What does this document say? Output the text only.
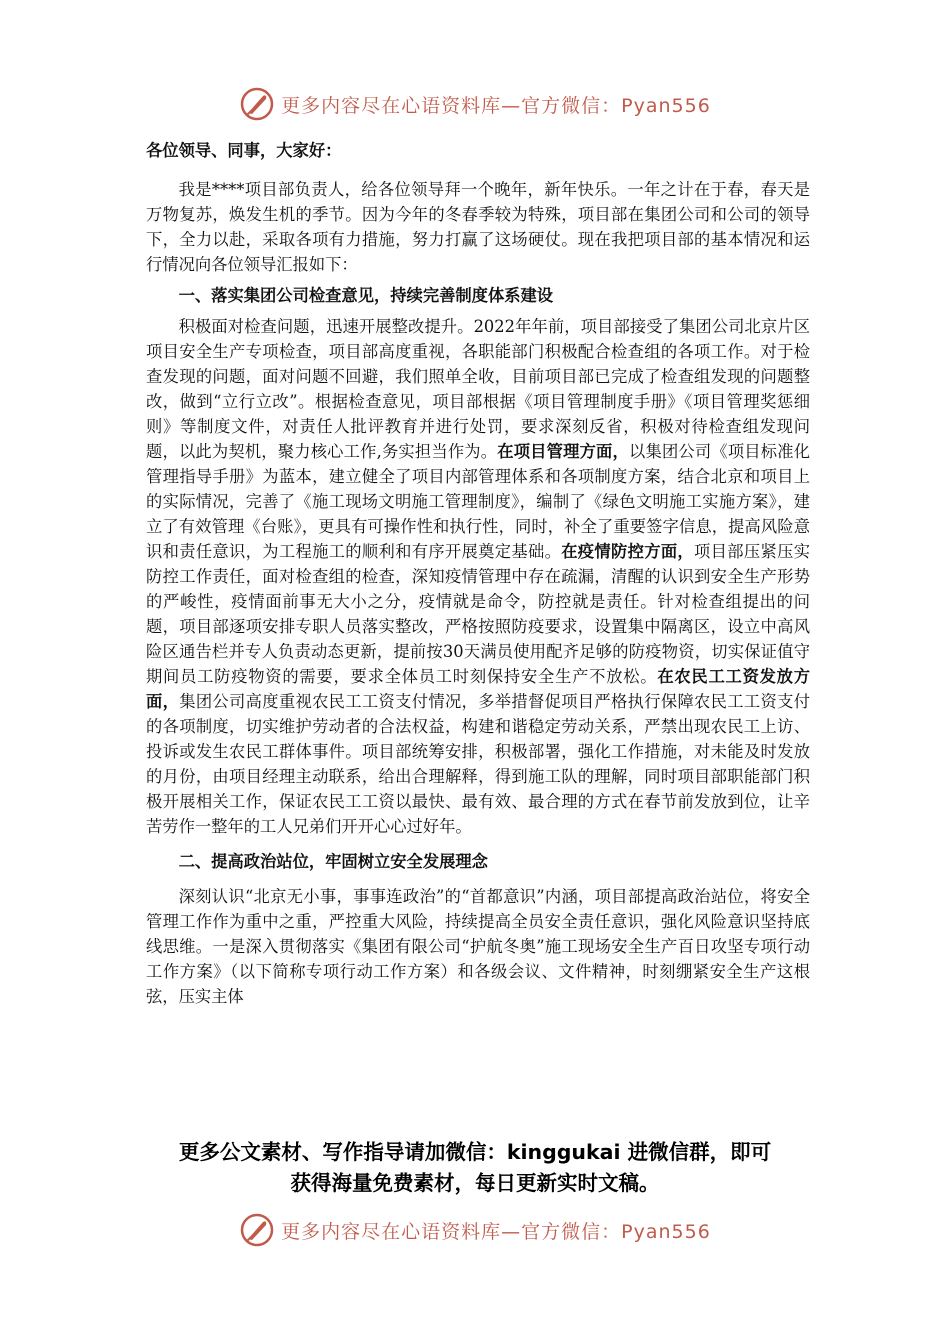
更多内容尽在心语资料库—官方微信：Pyan556

各位领导、同事，大家好：

我是****项目部负责人，给各位领导拜一个晚年，新年快乐。一年之计在于春，春天是万物复苏，焕发生机的季节。因为今年的冬春季较为特殊，项目部在集团公司和公司的领导下，全力以赴，采取各项有力措施，努力打赢了这场硬仗。现在我把项目部的基本情况和运行情况向各位领导汇报如下：

一、落实集团公司检查意见，持续完善制度体系建设

积极面对检查问题，迅速开展整改提升。2022年年前，项目部接受了集团公司北京片区项目安全生产专项检查，项目部高度重视，各职能部门积极配合检查组的各项工作。对于检查发现的问题，面对问题不回避，我们照单全收，目前项目部已完成了检查组发现的问题整改，做到“立行立改”。根据检查意见，项目部根据《项目管理制度手册》《项目管理奖惩细则》等制度文件，对责任人批评教育并进行处罚，要求深刻反省，积极对待检查组发现问题，以此为契机，聚力核心工作,务实担当作为。在项目管理方面，以集团公司《项目标准化管理指导手册》为蓝本，建立健全了项目内部管理体系和各项制度方案，结合北京和项目上的实际情况，完善了《施工现场文明施工管理制度》，编制了《绿色文明施工实施方案》，建立了有效管理《台账》，更具有可操作性和执行性，同时，补全了重要签字信息，提高风险意识和责任意识，为工程施工的顺利和有序开展奠定基础。在疫情防控方面，项目部压紧压实防控工作责任，面对检查组的检查，深知疫情管理中存在疏漏，清醒的认识到安全生产形势的严峻性，疫情面前事无大小之分，疫情就是命令，防控就是责任。针对检查组提出的问题，项目部逐项安排专职人员落实整改，严格按照防疫要求，设置集中隔离区，设立中高风险区通告栏并专人负责动态更新，提前按30天满员使用配齐足够的防疫物资，切实保证值守期间员工防疫物资的需要，要求全体员工时刻保持安全生产不放松。在农民工工资发放方面，集团公司高度重视农民工工资支付情况，多举措督促项目严格执行保障农民工工资支付的各项制度，切实维护劳动者的合法权益，构建和谐稳定劳动关系，严禁出现农民工上访、投诉或发生农民工群体事件。项目部统筹安排，积极部署，强化工作措施，对未能及时发放的月份，由项目经理主动联系，给出合理解释，得到施工队的理解，同时项目部职能部门积极开展相关工作，保证农民工工资以最快、最有效、最合理的方式在春节前发放到位，让辛苦劳作一整年的工人兄弟们开开心心过好年。

二、提高政治站位，牢固树立安全发展理念

深刻认识“北京无小事，事事连政治”的“首都意识”内涵，项目部提高政治站位，将安全管理工作作为重中之重，严控重大风险，持续提高全员安全责任意识，强化风险意识坚持底线思维。一是深入贯彻落实《集团有限公司“护航冬奥”施工现场安全生产百日攻坚专项行动工作方案》（以下简称专项行动工作方案）和各级会议、文件精神，时刻绷紧安全生产这根弦，压实主体

更多公文素材、写作指导请加微信：kinggukai 进微信群，即可
获得海量免费素材，每日更新实时文稿。
更多内容尽在心语资料库—官方微信：Pyan556
